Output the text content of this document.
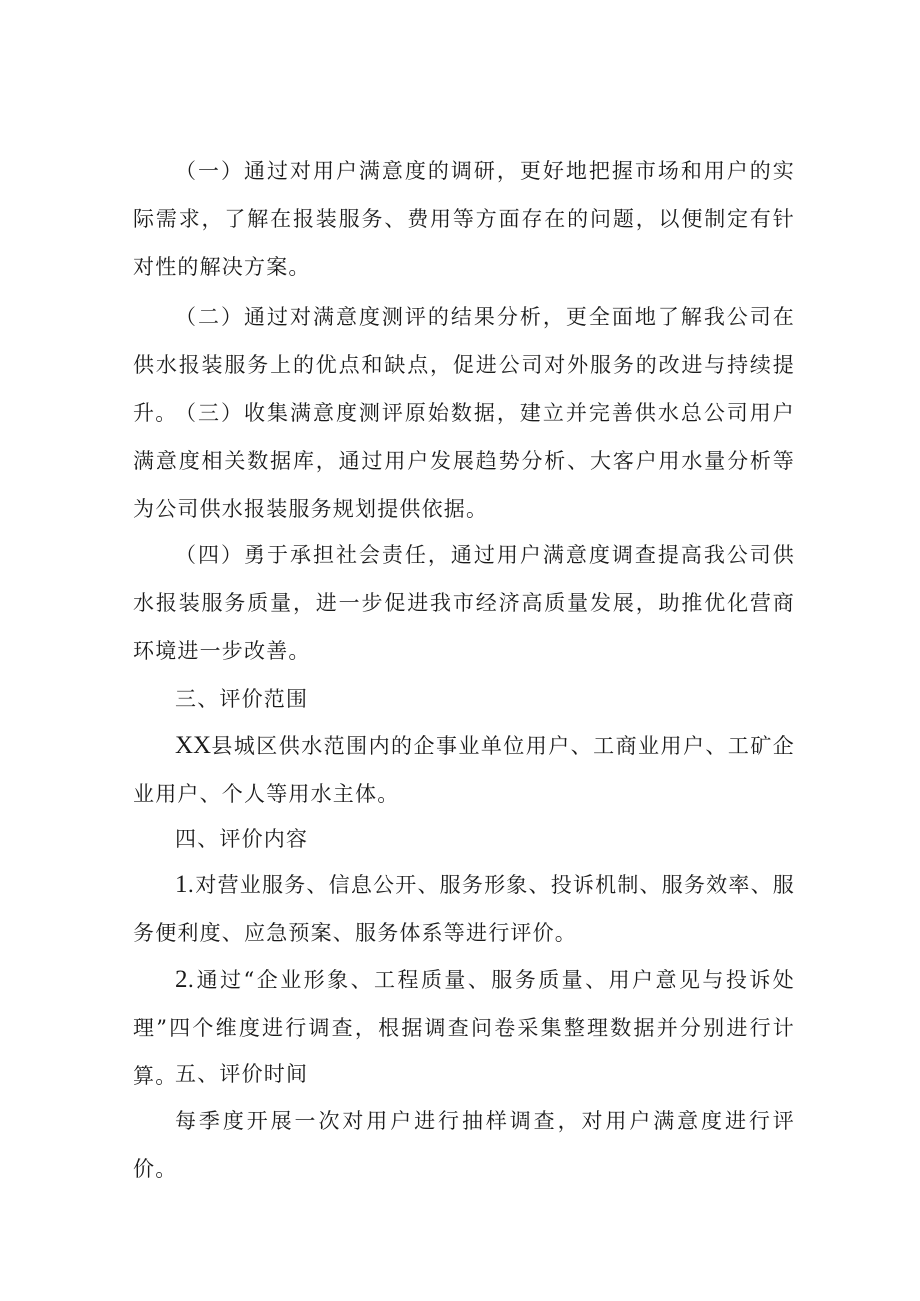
（一）通过对用户满意度的调研，更好地把握市场和用户的实际需求，了解在报装服务、费用等方面存在的问题，以便制定有针对性的解决方案。

（二）通过对满意度测评的结果分析，更全面地了解我公司在供水报装服务上的优点和缺点，促进公司对外服务的改进与持续提升。

（三）收集满意度测评原始数据，建立并完善供水总公司用户满意度相关数据库，通过用户发展趋势分析、大客户用水量分析等为公司供水报装服务规划提供依据。

（四）勇于承担社会责任，通过用户满意度调查提高我公司供水报装服务质量，进一步促进我市经济高质量发展，助推优化营商环境进一步改善。

三、评价范围

XX县城区供水范围内的企事业单位用户、工商业用户、工矿企业用户、个人等用水主体。

四、评价内容

1.对营业服务、信息公开、服务形象、投诉机制、服务效率、服务便利度、应急预案、服务体系等进行评价。

2.通过“企业形象、工程质量、服务质量、用户意见与投诉处理”四个维度进行调查，根据调查问卷采集整理数据并分别进行计算。

五、评价时间

每季度开展一次对用户进行抽样调查，对用户满意度进行评价。
